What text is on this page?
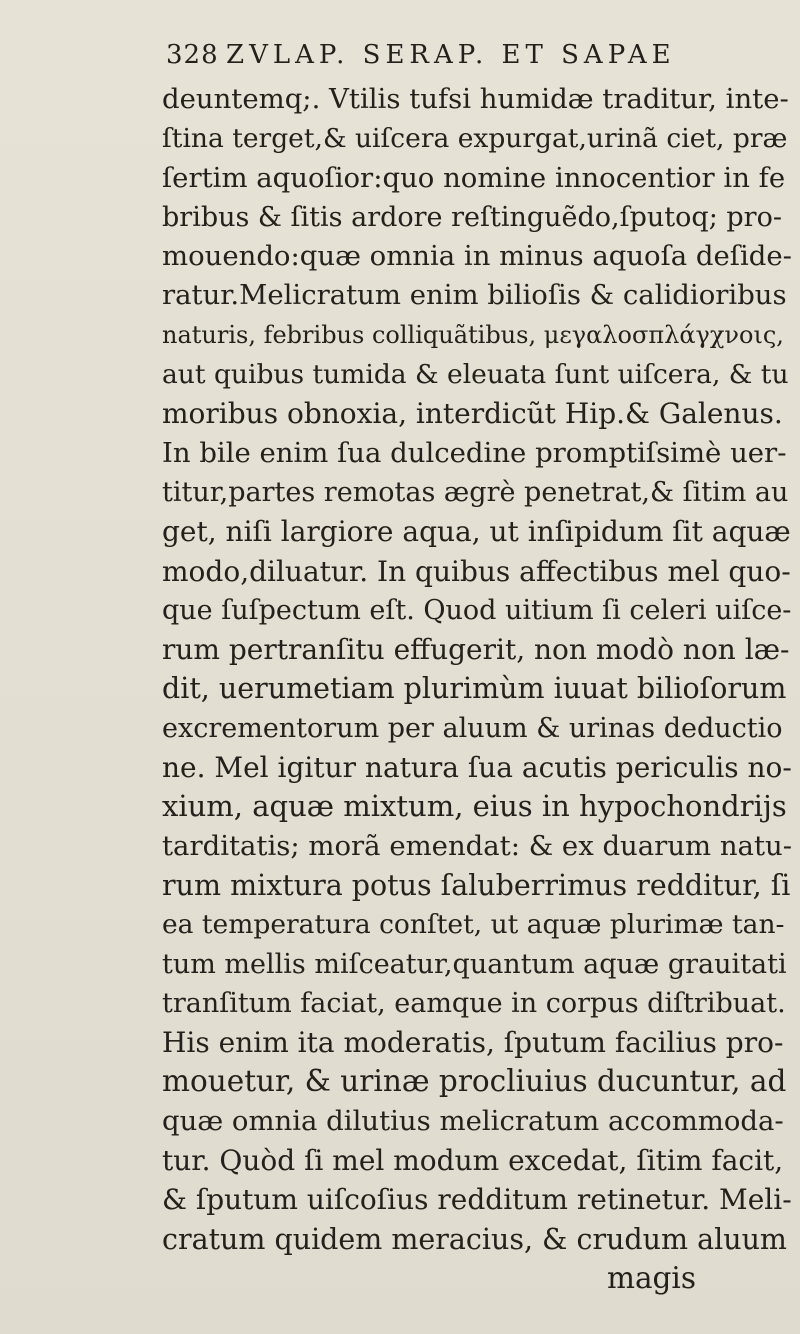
328 ZVLAP. SERAP. ET SAPAE
deuntemq;. Vtilis tufsi humidæ traditur, inte-
ſtina terget,& uiſcera expurgat,urinã ciet, præ
ſertim aquoſior:quo nomine innocentior in fe
bribus & ſitis ardore reſtinguẽdo,ſputoq; pro-
mouendo:quæ omnia in minus aquoſa deſide-
ratur.Melicratum enim bilioſis & calidioribus
naturis, febribus colliquãtibus, μεγαλοσπλάγχνοις,
aut quibus tumida & eleuata ſunt uiſcera, & tu
moribus obnoxia, interdicũt Hip.& Galenus.
In bile enim ſua dulcedine promptiſsimè uer-
titur,partes remotas ægrè penetrat,& ſitim au
get, niſi largiore aqua, ut inſipidum ſit aquæ
modo,diluatur. In quibus affectibus mel quo-
que ſuſpectum eſt. Quod uitium ſi celeri uiſce-
rum pertranſitu effugerit, non modò non læ-
dit, uerumetiam plurimùm iuuat bilioſorum
excrementorum per aluum & urinas deductio
ne. Mel igitur natura ſua acutis periculis no-
xium, aquæ mixtum, eius in hypochondrijs
tarditatis; morã emendat: & ex duarum natu-
rum mixtura potus ſaluberrimus redditur, ſi
ea temperatura conſtet, ut aquæ plurimæ tan-
tum mellis miſceatur,quantum aquæ grauitati
tranſitum faciat, eamque in corpus diſtribuat.
His enim ita moderatis, ſputum facilius pro-
mouetur, & urinæ procliuius ducuntur, ad
quæ omnia dilutius melicratum accommoda-
tur. Quòd ſi mel modum excedat, ſitim facit,
& ſputum uiſcoſius redditum retinetur. Meli-
cratum quidem meracius, & crudum aluum
magis
